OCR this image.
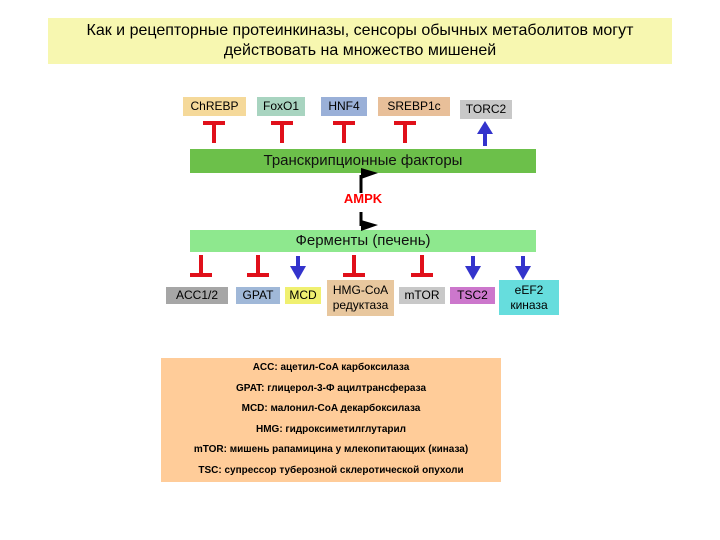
Как и рецепторные протеинкиназы, сенсоры обычных метаболитов могут действовать на множество мишеней
ChREBP	FoxO1	HNF4	SREBP1c	TORC2
Транскрипционные факторы
AMPK
Ферменты (печень)
ACC1/2	GPAT	MCD	HMG-CoA редуктаза
mTOR	TSC2	eEF2 киназа
ACC: ацетил-CoA карбоксилаза
GPAT: глицерол-3-Ф ацилтрансфераза
MCD: малонил-CoA декарбоксилаза
HMG: гидроксиметилглутарил
mTOR: мишень рапамицина у млекопитающих (киназа)
TSC: супрессор туберозной склеротической опухоли
